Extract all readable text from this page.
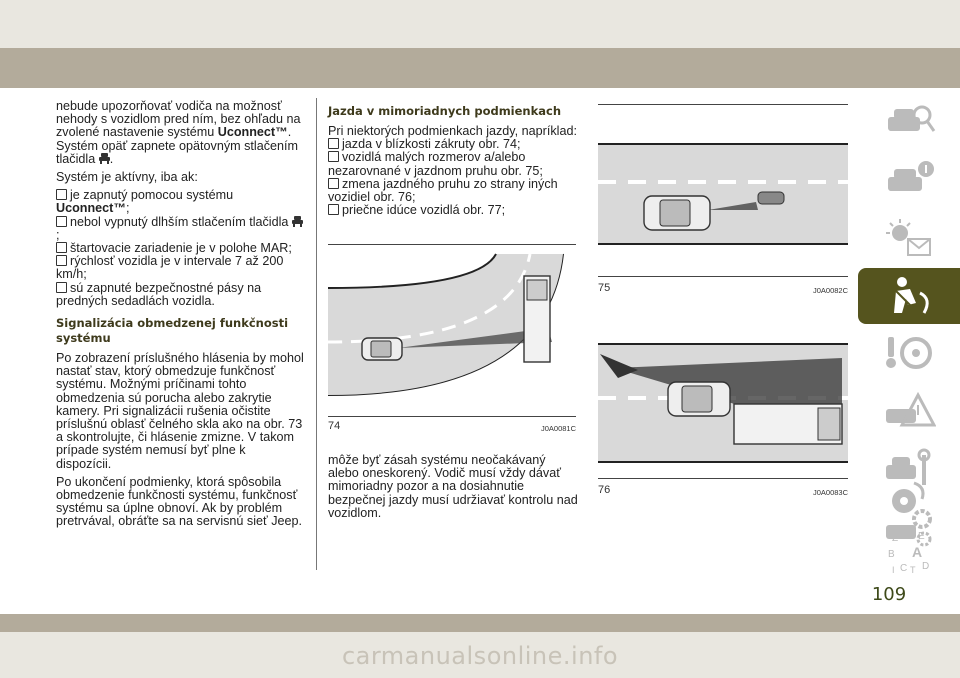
nebude upozorňovať vodiča na možnosť nehody s vozidlom pred ním, bez ohľadu na zvolené nastavenie systému Uconnect™. Systém opäť zapnete opätovným stlačením tlačidla .

Systém je aktívny, iba ak:

je zapnutý pomocou systému
Uconnect™;
nebol vypnutý dlhším stlačením tlačidla ;
štartovacie zariadenie je v polohe MAR;
rýchlosť vozidla je v intervale 7 až 200 km/h;
sú zapnuté bezpečnostné pásy na predných sedadlách vozidla.
Signalizácia obmedzenej funkčnosti systému

Po zobrazení príslušného hlásenia by mohol nastať stav, ktorý obmedzuje funkčnosť systému. Možnými príčinami tohto obmedzenia sú porucha alebo zakrytie kamery. Pri signalizácii rušenia očistite príslušnú oblasť čelného skla ako na obr. 73 a skontrolujte, či hlásenie zmizne. V takom prípade systém nemusí byť plne k dispozícii.

Po ukončení podmienky, ktorá spôsobila obmedzenie funkčnosti systému, funkčnosť systému sa úplne obnoví. Ak by problém pretrvával, obráťte sa na servisnú sieť Jeep.

Jazda v mimoriadnych podmienkach

Pri niektorých podmienkach jazdy, napríklad:

jazda v blízkosti zákruty obr. 74;
vozidlá malých rozmerov a/alebo nezarovnané v jazdnom pruhu obr. 75;
zmena jazdného pruhu zo strany iných vozidiel obr. 76;
priečne idúce vozidlá obr. 77;
74	J0A0081C

môže byť zásah systému neočakávaný alebo oneskorený. Vodič musí vždy dávať mimoriadny pozor a na dosiahnutie bezpečnej jazdy musí udržiavať kontrolu nad vozidlom.

75	J0A0082C
76	J0A0083C
Z E
B A
C D
I T
109
carmanualsonline.info
